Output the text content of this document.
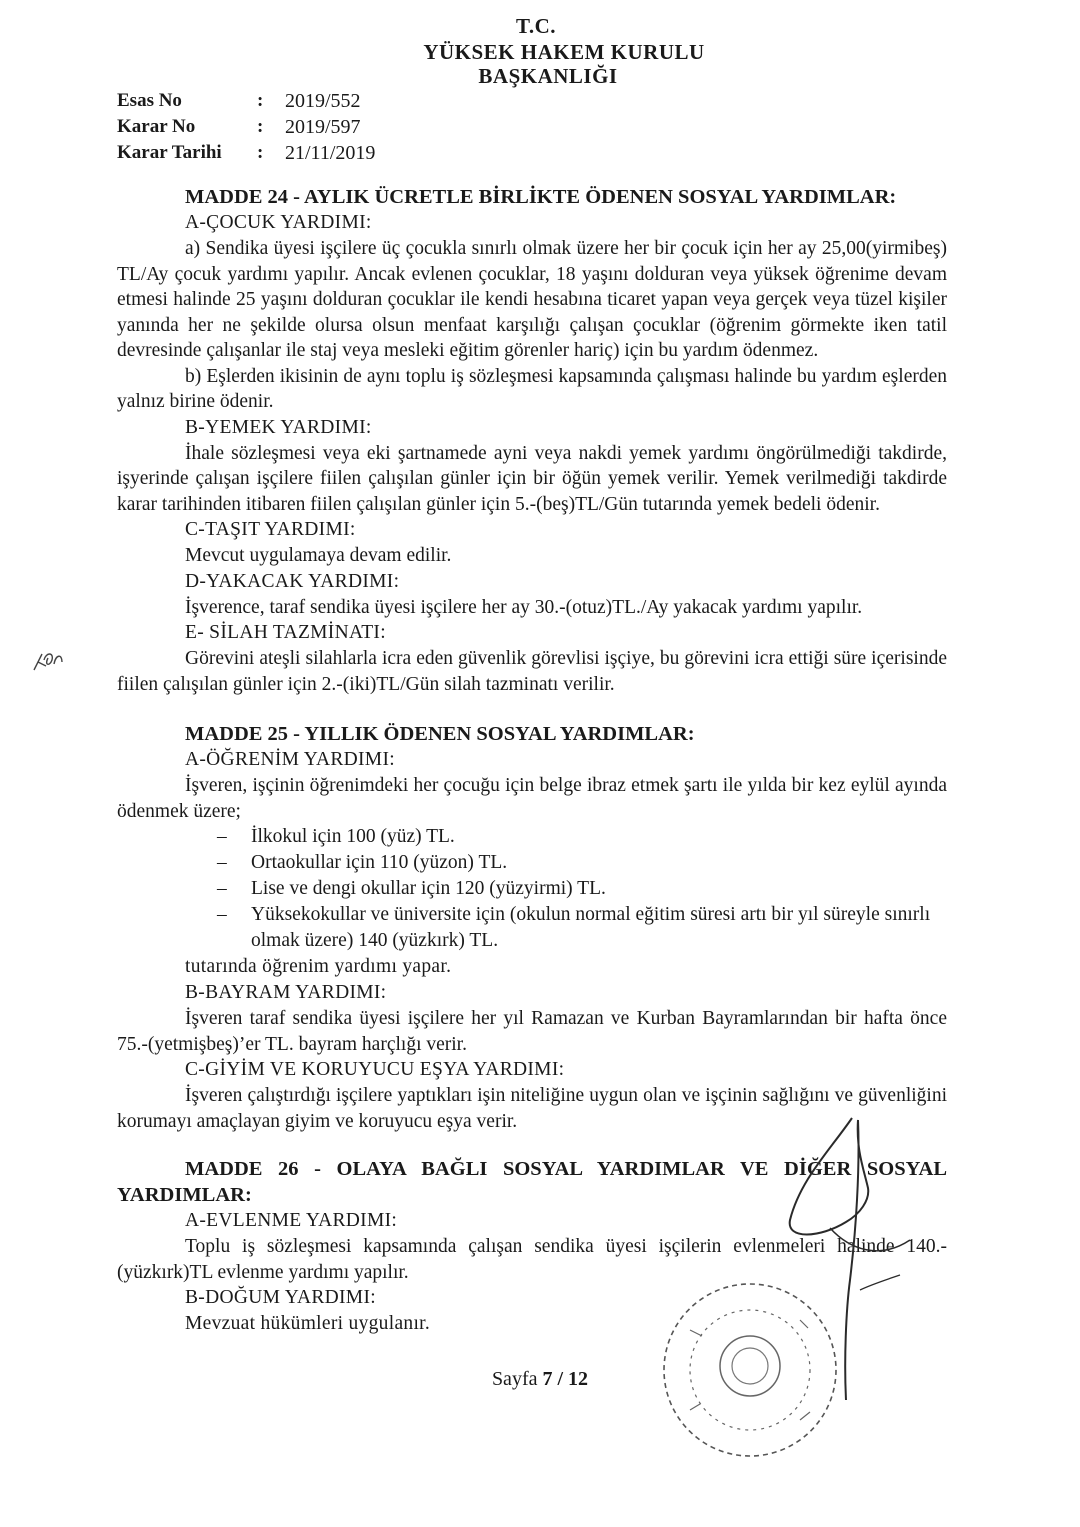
T.C.
YÜKSEK HAKEM KURULU
BAŞKANLIĞI
Esas No	:	2019/552
Karar No	:	2019/597
Karar Tarihi	:	21/11/2019
MADDE 24 - AYLIK ÜCRETLE BİRLİKTE ÖDENEN SOSYAL YARDIMLAR:
A-ÇOCUK YARDIMI:
a) Sendika üyesi işçilere üç çocukla sınırlı olmak üzere her bir çocuk için her ay 25,00(yirmibeş) TL/Ay çocuk yardımı yapılır. Ancak evlenen çocuklar, 18 yaşını dolduran veya yüksek öğrenime devam etmesi halinde 25 yaşını dolduran çocuklar ile kendi hesabına ticaret yapan veya gerçek veya tüzel kişiler yanında her ne şekilde olursa olsun menfaat karşılığı çalışan çocuklar (öğrenim görmekte iken tatil devresinde çalışanlar ile staj veya mesleki eğitim görenler hariç) için bu yardım ödenmez.
b) Eşlerden ikisinin de aynı toplu iş sözleşmesi kapsamında çalışması halinde bu yardım eşlerden yalnız birine ödenir.
B-YEMEK YARDIMI:
İhale sözleşmesi veya eki şartnamede ayni veya nakdi yemek yardımı öngörülmediği takdirde, işyerinde çalışan işçilere fiilen çalışılan günler için bir öğün yemek verilir. Yemek verilmediği takdirde karar tarihinden itibaren fiilen çalışılan günler için 5.-(beş)TL/Gün tutarında yemek bedeli ödenir.
C-TAŞIT YARDIMI:
Mevcut uygulamaya devam edilir.
D-YAKACAK YARDIMI:
İşverence, taraf sendika üyesi işçilere her ay 30.-(otuz)TL./Ay yakacak yardımı yapılır.
E- SİLAH TAZMİNATI:
Görevini ateşli silahlarla icra eden güvenlik görevlisi işçiye, bu görevini icra ettiği süre içerisinde fiilen çalışılan günler için 2.-(iki)TL/Gün silah tazminatı verilir.
MADDE 25 - YILLIK ÖDENEN SOSYAL YARDIMLAR:
A-ÖĞRENİM YARDIMI:
İşveren, işçinin öğrenimdeki her çocuğu için belge ibraz etmek şartı ile yılda bir kez eylül ayında ödenmek üzere;
– İlkokul için 100 (yüz) TL.
– Ortaokullar için 110 (yüzon) TL.
– Lise ve dengi okullar için 120 (yüzyirmi) TL.
– Yüksekokullar ve üniversite için (okulun normal eğitim süresi artı bir yıl süreyle sınırlı olmak üzere) 140 (yüzkırk) TL.
tutarında öğrenim yardımı yapar.
B-BAYRAM YARDIMI:
İşveren taraf sendika üyesi işçilere her yıl Ramazan ve Kurban Bayramlarından bir hafta önce 75.-(yetmişbeş)’er TL. bayram harçlığı verir.
C-GİYİM VE KORUYUCU EŞYA YARDIMI:
İşveren çalıştırdığı işçilere yaptıkları işin niteliğine uygun olan ve işçinin sağlığını ve güvenliğini korumayı amaçlayan giyim ve koruyucu eşya verir.
MADDE 26 - OLAYA BAĞLI SOSYAL YARDIMLAR VE DİĞER SOSYAL YARDIMLAR:
A-EVLENME YARDIMI:
Toplu iş sözleşmesi kapsamında çalışan sendika üyesi işçilerin evlenmeleri halinde 140.-(yüzkırk)TL evlenme yardımı yapılır.
B-DOĞUM YARDIMI:
Mevzuat hükümleri uygulanır.
Sayfa 7 / 12
